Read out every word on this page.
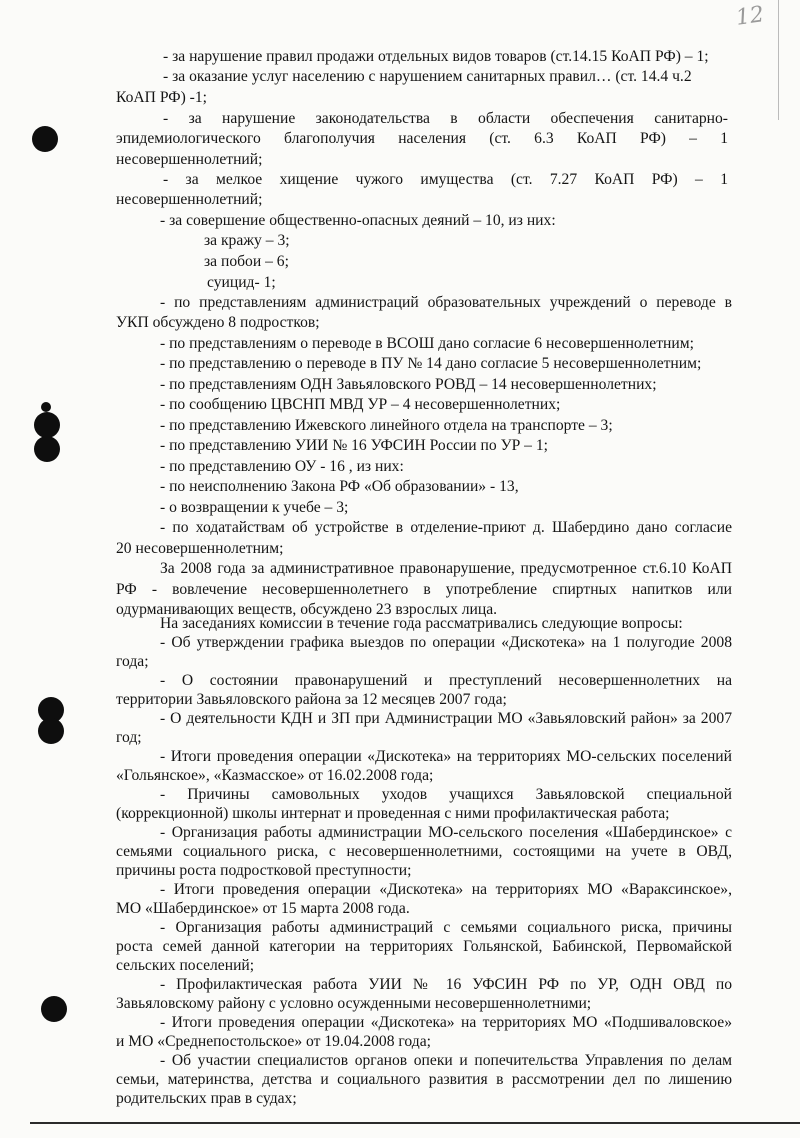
12

- за нарушение правил продажи отдельных видов товаров (ст.14.15 КоАП РФ) – 1;

- за оказание услуг населению с нарушением санитарных правил… (ст. 14.4 ч.2

КоАП РФ) -1;

- за нарушение законодательства в области обеспечения санитарно-

эпидемиологического благополучия населения (ст. 6.3 КоАП РФ) – 1

несовершеннолетний;

- за мелкое хищение чужого имущества (ст. 7.27 КоАП РФ) – 1

несовершеннолетний;

- за совершение общественно-опасных деяний – 10, из них:

за кражу – 3;

за побои – 6;

суицид- 1;

- по представлениям администраций образовательных учреждений о переводе в

УКП обсуждено 8 подростков;

- по представлениям о переводе в ВСОШ дано согласие 6 несовершеннолетним;

- по представлению о переводе в ПУ № 14 дано согласие 5 несовершеннолетним;

- по представлениям ОДН Завьяловского РОВД – 14 несовершеннолетних;

- по сообщению ЦВСНП МВД УР – 4 несовершеннолетних;

- по представлению Ижевского линейного отдела на транспорте – 3;

- по представлению УИИ № 16 УФСИН России по УР – 1;

- по представлению ОУ - 16 , из них:

- по неисполнению Закона РФ «Об образовании» - 13,

- о возвращении к учебе – 3;

- по ходатайствам об устройстве в отделение-приют д. Шабердино дано согласие

20 несовершеннолетним;

За 2008 года за административное правонарушение, предусмотренное ст.6.10 КоАП

РФ - вовлечение несовершеннолетнего в употребление спиртных напитков или

одурманивающих веществ, обсуждено 23 взрослых лица.

На заседаниях комиссии в течение года рассматривались следующие вопросы:

- Об утверждении графика выездов по операции «Дискотека» на 1 полугодие 2008

года;

- О состоянии правонарушений и преступлений несовершеннолетних на

территории Завьяловского района за 12 месяцев 2007 года;

- О деятельности КДН и ЗП при Администрации МО «Завьяловский район» за 2007

год;

- Итоги проведения операции «Дискотека» на территориях МО-сельских поселений

«Гольянское», «Казмасское» от 16.02.2008 года;

- Причины самовольных уходов учащихся Завьяловской специальной

(коррекционной) школы интернат и проведенная с ними профилактическая работа;

- Организация работы администрации МО-сельского поселения «Шабердинское» с

семьями социального риска, с несовершеннолетними, состоящими на учете в ОВД,

причины роста подростковой преступности;

- Итоги проведения операции «Дискотека» на территориях МО «Вараксинское»,

МО «Шабердинское» от 15 марта 2008 года.

- Организация работы администраций с семьями социального риска, причины

роста семей данной категории на территориях Гольянской, Бабинской, Первомайской

сельских поселений;

- Профилактическая работа УИИ № 16 УФСИН РФ по УР, ОДН ОВД по

Завьяловскому району с условно осужденными несовершеннолетними;

- Итоги проведения операции «Дискотека» на территориях МО «Подшиваловское»

и МО «Среднепостольское» от 19.04.2008 года;

- Об участии специалистов органов опеки и попечительства Управления по делам

семьи, материнства, детства и социального развития в рассмотрении дел по лишению

родительских прав в судах;
